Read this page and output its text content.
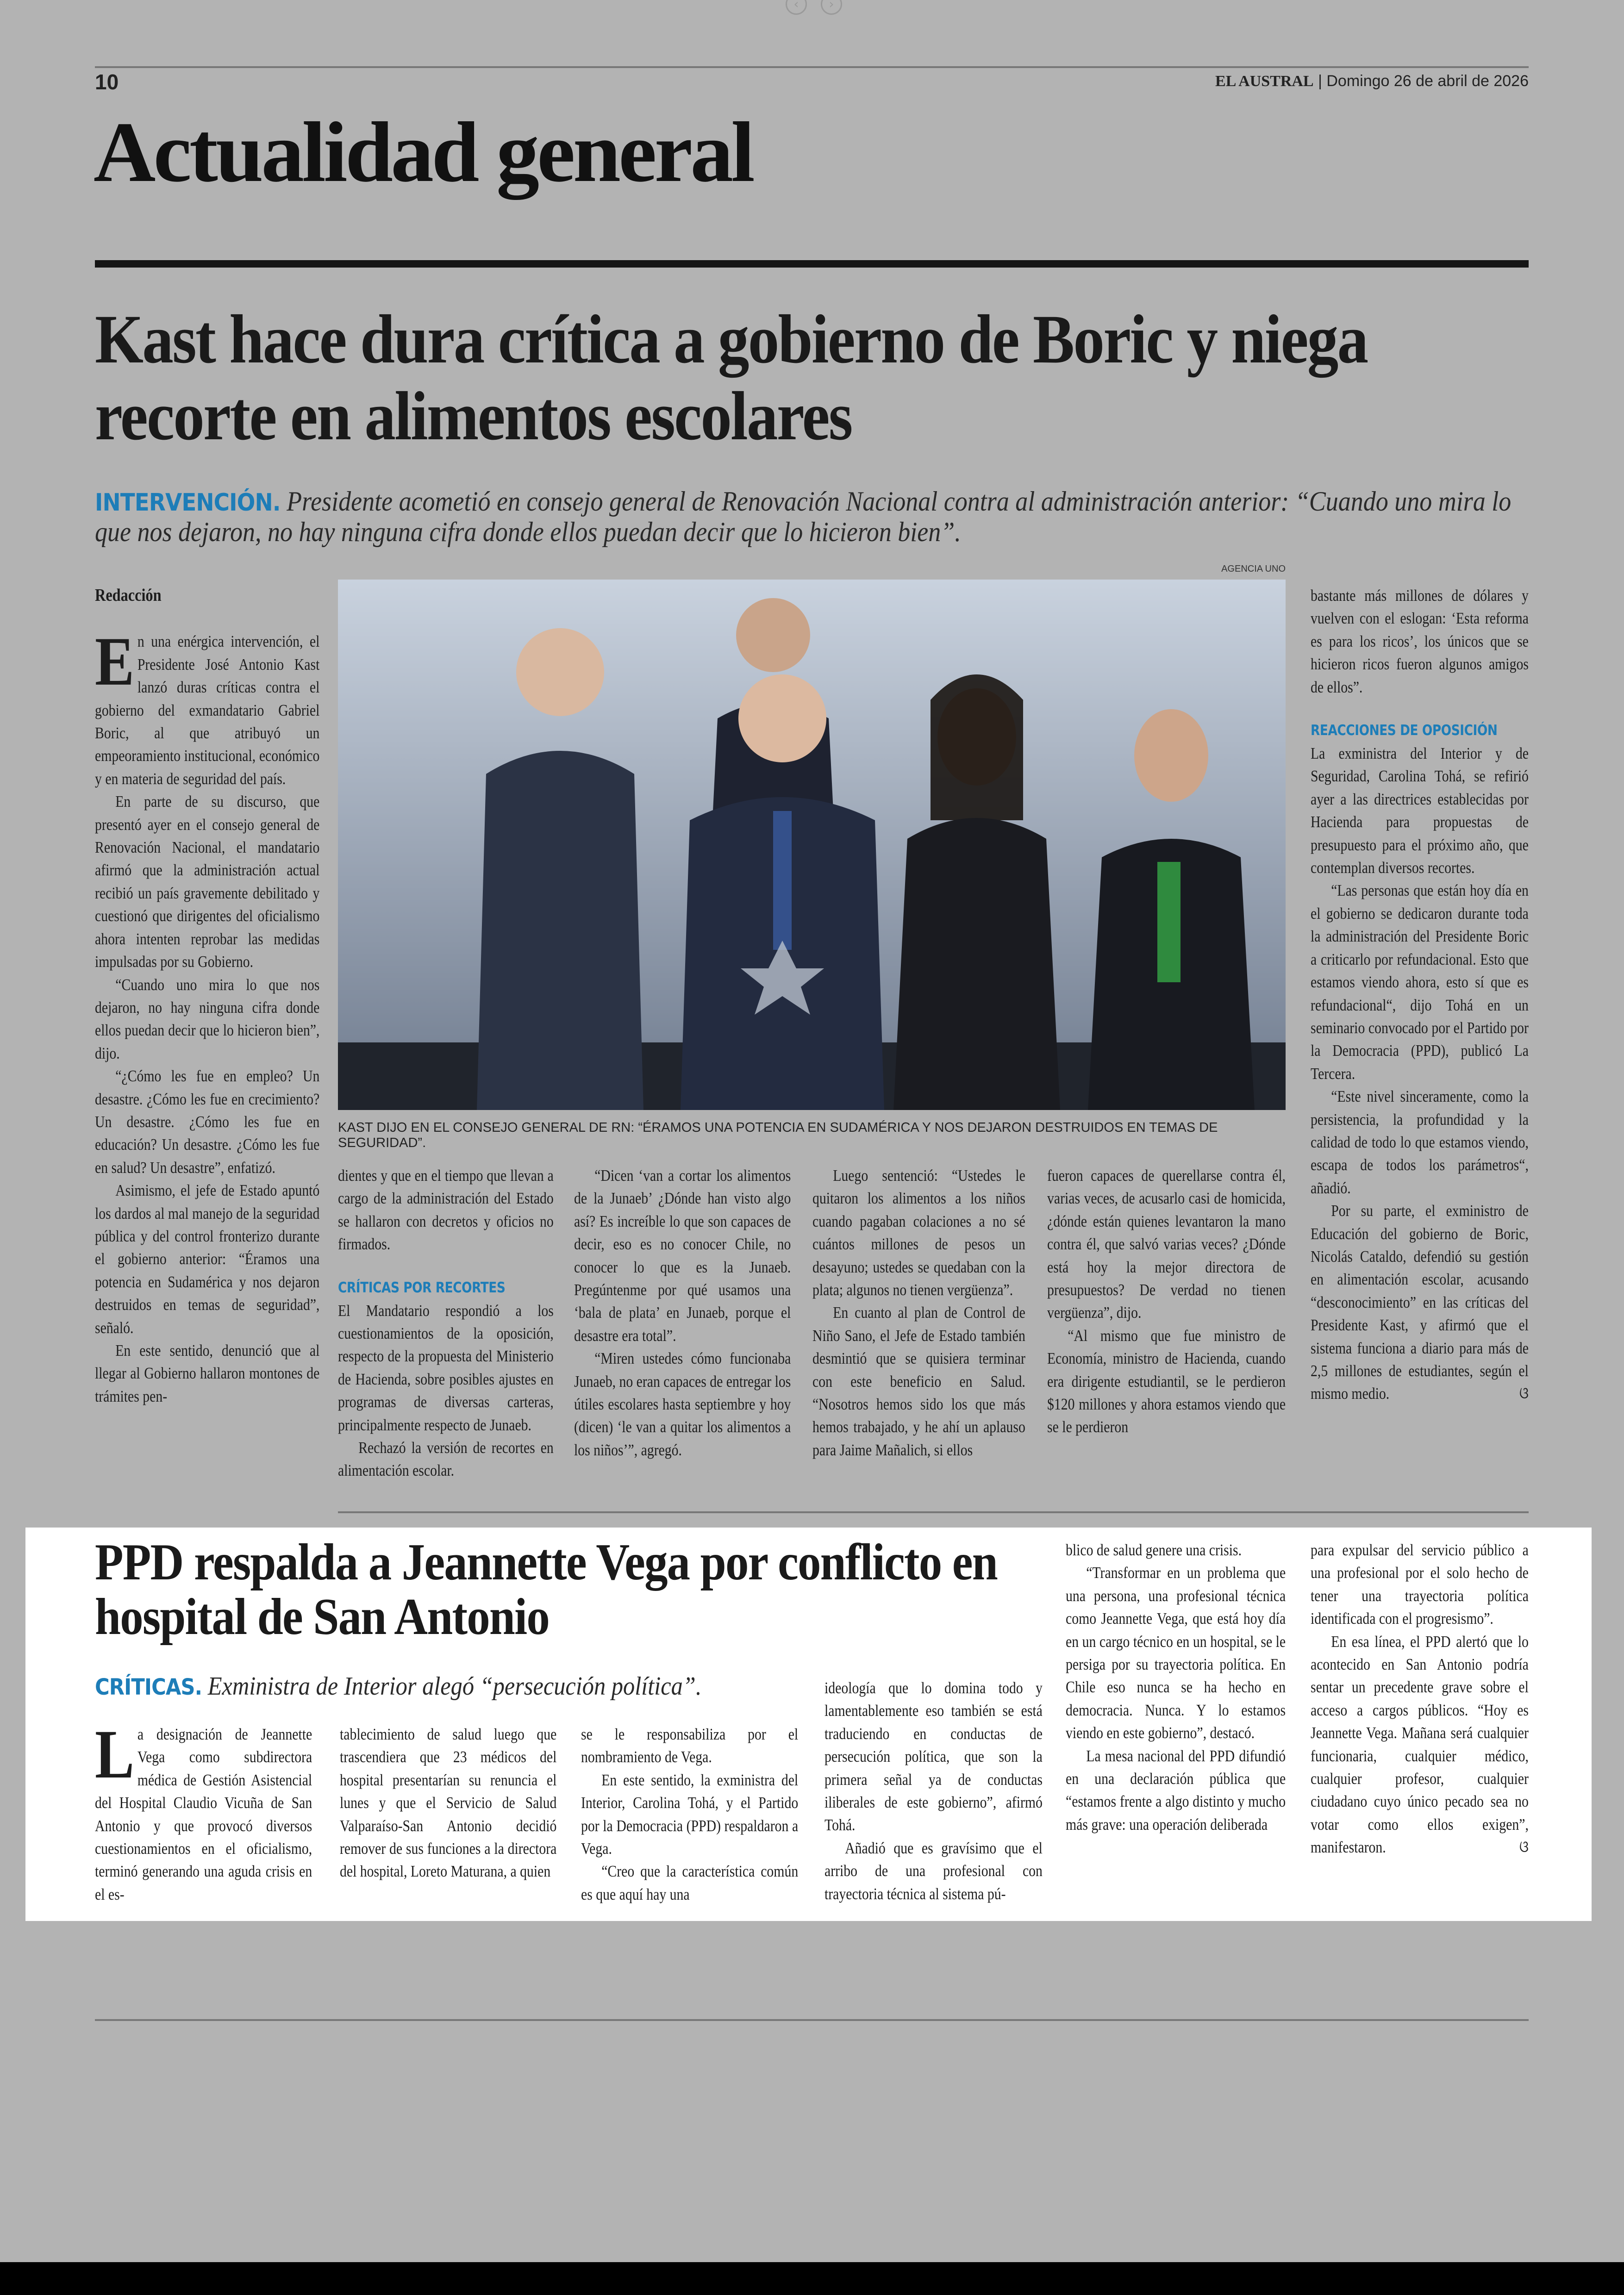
‹	›
10	EL AUSTRAL | Domingo 26 de abril de 2026
Actualidad general
Kast hace dura crítica a gobierno de Boric y niega recorte en alimentos escolares
INTERVENCIÓN. Presidente acometió en consejo general de Renovación Nacional contra al administración anterior: “Cuando uno mira lo que nos dejaron, no hay ninguna cifra donde ellos puedan decir que lo hicieron bien”.
AGENCIA UNO
KAST DIJO EN EL CONSEJO GENERAL DE RN: “ÉRAMOS UNA POTENCIA EN SUDAMÉRICA Y NOS DEJARON DESTRUIDOS EN TEMAS DE SEGURIDAD”.

Redacción

En una enérgica intervención, el Presidente José Antonio Kast lanzó duras críticas contra el gobierno del exmandatario Gabriel Boric, al que atribuyó un empeoramiento institucional, económico y en materia de seguridad del país.

En parte de su discurso, que presentó ayer en el consejo general de Renovación Nacional, el mandatario afirmó que la administración actual recibió un país gravemente debilitado y cuestionó que dirigentes del oficialismo ahora intenten reprobar las medidas impulsadas por su Gobierno.

“Cuando uno mira lo que nos dejaron, no hay ninguna cifra donde ellos puedan decir que lo hicieron bien”, dijo.

“¿Cómo les fue en empleo? Un desastre. ¿Cómo les fue en crecimiento? Un desastre. ¿Cómo les fue en educación? Un desastre. ¿Cómo les fue en salud? Un desastre”, enfatizó.

Asimismo, el jefe de Estado apuntó los dardos al mal manejo de la seguridad pública y del control fronterizo durante el gobierno anterior: “Éramos una potencia en Sudamérica y nos dejaron destruidos en temas de seguridad”, señaló.

En este sentido, denunció que al llegar al Gobierno hallaron montones de trámites pen-

dientes y que en el tiempo que llevan a cargo de la administración del Estado se hallaron con decretos y oficios no firmados.

CRÍTICAS POR RECORTES

El Mandatario respondió a los cuestionamientos de la oposición, respecto de la propuesta del Ministerio de Hacienda, sobre posibles ajustes en programas de diversas carteras, principalmente respecto de Junaeb.

Rechazó la versión de recortes en alimentación escolar.

“Dicen ‘van a cortar los alimentos de la Junaeb’ ¿Dónde han visto algo así? Es increíble lo que son capaces de decir, eso es no conocer Chile, no conocer lo que es la Junaeb. Pregúntenme por qué usamos una ‘bala de plata’ en Junaeb, porque el desastre era total”.

“Miren ustedes cómo funcionaba Junaeb, no eran capaces de entregar los útiles escolares hasta septiembre y hoy (dicen) ‘le van a quitar los alimentos a los niños’”, agregó.

Luego sentenció: “Ustedes le quitaron los alimentos a los niños cuando pagaban colaciones a no sé cuántos millones de pesos un desayuno; ustedes se quedaban con la plata; algunos no tienen vergüenza”.

En cuanto al plan de Control de Niño Sano, el Jefe de Estado también desmintió que se quisiera terminar con este beneficio en Salud. “Nosotros hemos sido los que más hemos trabajado, y he ahí un aplauso para Jaime Mañalich, si ellos

fueron capaces de querellarse contra él, varias veces, de acusarlo casi de homicida, ¿dónde están quienes levantaron la mano contra él, que salvó varias veces? ¿Dónde está hoy la mejor directora de presupuestos? De verdad no tienen vergüenza”, dijo.

“Al mismo que fue ministro de Economía, ministro de Hacienda, cuando era dirigente estudiantil, se le perdieron $120 millones y ahora estamos viendo que se le perdieron

bastante más millones de dólares y vuelven con el eslogan: ‘Esta reforma es para los ricos’, los únicos que se hicieron ricos fueron algunos amigos de ellos”.

REACCIONES DE OPOSICIÓN

La exministra del Interior y de Seguridad, Carolina Tohá, se refirió ayer a las directrices establecidas por Hacienda para propuestas de presupuesto para el próximo año, que contemplan diversos recortes.

“Las personas que están hoy día en el gobierno se dedicaron durante toda la administración del Presidente Boric a criticarlo por refundacional. Esto que estamos viendo ahora, esto sí que es refundacional“, dijo Tohá en un seminario convocado por el Partido por la Democracia (PPD), publicó La Tercera.

“Este nivel sinceramente, como la persistencia, la profundidad y la calidad de todo lo que estamos viendo, escapa de todos los parámetros“, añadió.

Por su parte, el exministro de Educación del gobierno de Boric, Nicolás Cataldo, defendió su gestión en alimentación escolar, acusando “desconocimiento” en las críticas del Presidente Kast, y afirmó que el sistema funciona a diario para más de 2,5 millones de estudiantes, según el mismo medio.	ଓ

PPD respalda a Jeannette Vega por conflicto en hospital de San Antonio
CRÍTICAS. Exministra de Interior alegó “persecución política”.

La designación de Jeannette Vega como subdirectora médica de Gestión Asistencial del Hospital Claudio Vicuña de San Antonio y que provocó diversos cuestionamientos en el oficialismo, terminó generando una aguda crisis en el es-

tablecimiento de salud luego que trascendiera que 23 médicos del hospital presentarían su renuncia el lunes y que el Servicio de Salud Valparaíso-San Antonio decidió remover de sus funciones a la directora del hospital, Loreto Maturana, a quien

se le responsabiliza por el nombramiento de Vega.

En este sentido, la exministra del Interior, Carolina Tohá, y el Partido por la Democracia (PPD) respaldaron a Vega.

“Creo que la característica común es que aquí hay una

ideología que lo domina todo y lamentablemente eso también se está traduciendo en conductas de persecución política, que son la primera señal ya de conductas iliberales de este gobierno”, afirmó Tohá.

Añadió que es gravísimo que el arribo de una profesional con trayectoria técnica al sistema pú-

blico de salud genere una crisis.

“Transformar en un problema que una persona, una profesional técnica como Jeannette Vega, que está hoy día en un cargo técnico en un hospital, se le persiga por su trayectoria política. En Chile eso nunca se ha hecho en democracia. Nunca. Y lo estamos viendo en este gobierno”, destacó.

La mesa nacional del PPD difundió en una declaración pública que “estamos frente a algo distinto y mucho más grave: una operación deliberada

para expulsar del servicio público a una profesional por el solo hecho de tener una trayectoria política identificada con el progresismo”.

En esa línea, el PPD alertó que lo acontecido en San Antonio podría sentar un precedente grave sobre el acceso a cargos públicos. “Hoy es Jeannette Vega. Mañana será cualquier funcionaria, cualquier médico, cualquier profesor, cualquier ciudadano cuyo único pecado sea no votar como ellos exigen”, manifestaron.	ଓ
